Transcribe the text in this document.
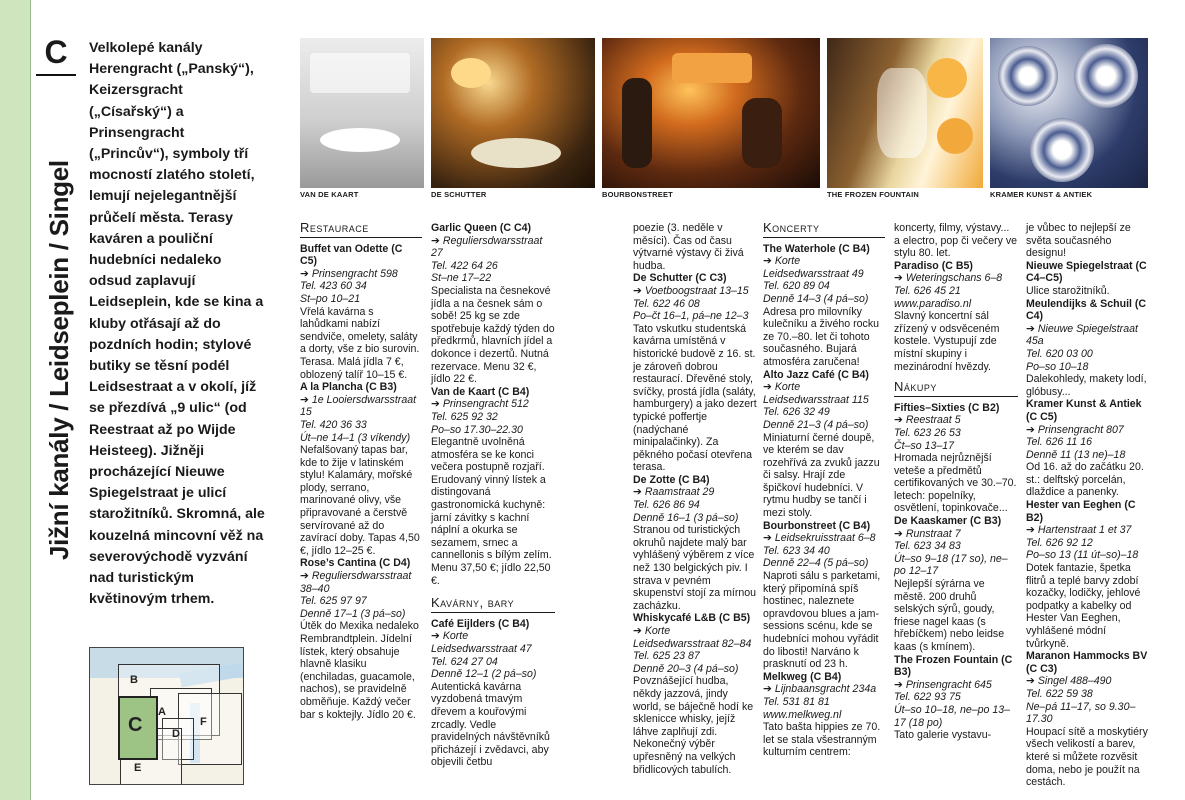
C
Jižní kanály / Leidseplein / Singel

Velkolepé kanály Herengracht („Panský“), Keizersgracht („Císařský“) a Prinsengracht („Princův“), symboly tří mocností zlatého století, lemují nejelegantnější průčelí města. Terasy kaváren a pouliční hudebníci nedaleko odsud zaplavují Leidseplein, kde se kina a kluby otřásají až do pozdních hodin; stylové butiky se těsní podél Leidsestraat a v okolí, jíž se přezdívá „9 ulic“ (od Reestraat až po Wijde Heisteeg). Jižněji procházející Nieuwe Spiegelstraat je ulicí starožitníků. Skromná, ale kouzelná mincovní věž na severovýchodě vyzvání nad turistickým květinovým trhem.

B
A
C	D
E
F
VAN DE KAART	DE SCHUTTER	BOURBONSTREET	THE FROZEN FOUNTAIN	KRAMER KUNST & ANTIEK
Restaurace
Buffet van Odette (C C5)
➔ Prinsengracht 598
Tel. 423 60 34
St–po 10–21

Vřelá kavárna s lahůdkami nabízí sendviče, omelety, saláty a dorty, vše z bio surovin. Terasa. Malá jídla 7 €, oblozený talíř 10–15 €.

A la Plancha (C B3)
➔ 1e Looiersdwarsstraat 15
Tel. 420 36 33
Út–ne 14–1 (3 víkendy)

Nefalšovaný tapas bar, kde to žije v latinském stylu! Kalamáry, mořské plody, serrano, marinované olivy, vše připravované a čerstvě servírované až do zavírací doby. Tapas 4,50 €, jídlo 12–25 €.

Rose’s Cantina (C D4)
➔ Reguliersdwarsstraat 38–40
Tel. 625 97 97
Denně 17–1 (3 pá–so)

Útěk do Mexika nedaleko Rembrandtplein. Jídelní lístek, který obsahuje hlavně klasiku (enchiladas, guacamole, nachos), se pravidelně obměňuje. Každý večer bar s koktejly. Jídlo 20 €.

Garlic Queen (C C4)
➔ Reguliersdwarsstraat 27
Tel. 422 64 26
St–ne 17–22

Specialista na česnekové jídla a na česnek sám o sobě! 25 kg se zde spotřebuje každý týden do předkrmů, hlavních jídel a dokonce i dezertů. Nutná rezervace. Menu 32 €, jídlo 22 €.

Van de Kaart (C B4)
➔ Prinsengracht 512
Tel. 625 92 32
Po–so 17.30–22.30

Elegantně uvolněná atmosféra se ke konci večera postupně rozjaří. Erudovaný vinný lístek a distingovaná gastronomická kuchyně: jarní závitky s kachní náplní a okurka se sezamem, srnec a cannellonis s bílým zelím. Menu 37,50 €; jídlo 22,50 €.

Kavárny, bary
Café Eijlders (C B4)
➔ Korte Leidsedwarsstraat 47
Tel. 624 27 04
Denně 12–1 (2 pá–so)

Autentická kavárna vyzdobená tmavým dřevem a kouřovými zrcadly. Vedle pravidelných návštěvníků přicházejí i zvědavci, aby objevili četbu

poezie (3. neděle v měsíci). Čas od času výtvarné výstavy či živá hudba.

De Schutter (C C3)
➔ Voetboogstraat 13–15
Tel. 622 46 08
Po–čt 16–1, pá–ne 12–3

Tato vskutku studentská kavárna umístěná v historické budově z 16. st. je zároveň dobrou restaurací. Dřevěné stoly, svíčky, prostá jídla (saláty, hamburgery) a jako dezert typické poffertje (nadýchané minipalačinky). Za pěkného počasí otevřena terasa.

De Zotte (C B4)
➔ Raamstraat 29
Tel. 626 86 94
Denně 16–1 (3 pá–so)

Stranou od turistických okruhů najdete malý bar vyhlášený výběrem z více než 130 belgických piv. I strava v pevném skupenství stojí za mírnou zacházku.

Whiskycafé L&B (C B5)
➔ Korte Leidsedwarsstraat 82–84
Tel. 625 23 87
Denně 20–3 (4 pá–so)

Povznášející hudba, někdy jazzová, jindy world, se báječně hodí ke sklenicce whisky, jejíž láhve zaplňují zdi. Nekonečný výběr upřesněný na velkých břidlicových tabulích.

Koncerty
The Waterhole (C B4)
➔ Korte Leidsedwarsstraat 49
Tel. 620 89 04
Denně 14–3 (4 pá–so)

Adresa pro milovníky kulečníku a živého rocku ze 70.–80. let či tohoto současného. Bujará atmosféra zaručena!

Alto Jazz Café (C B4)
➔ Korte Leidsedwarsstraat 115
Tel. 626 32 49
Denně 21–3 (4 pá–so)

Miniaturní černé doupě, ve kterém se dav rozehřívá za zvuků jazzu či salsy. Hrají zde špičkoví hudebníci. V rytmu hudby se tančí i mezi stoly.

Bourbonstreet (C B4)
➔ Leidsekruisstraat 6–8
Tel. 623 34 40
Denně 22–4 (5 pá–so)

Naproti sálu s parketami, který připomíná spíš hostinec, naleznete opravdovou blues a jam-sessions scénu, kde se hudebníci mohou vyřádit do libosti! Narváno k prasknutí od 23 h.

Melkweg (C B4)
➔ Lijnbaansgracht 234a
Tel. 531 81 81
www.melkweg.nl

Tato bašta hippies ze 70. let se stala všestranným kulturním centrem:

koncerty, filmy, výstavy... a electro, pop či večery ve stylu 80. let.

Paradiso (C B5)
➔ Weteringschans 6–8
Tel. 626 45 21
www.paradiso.nl

Slavný koncertní sál zřízený v odsvěceném kostele. Vystupují zde místní skupiny i mezinárodní hvězdy.

Nákupy
Fifties–Sixties (C B2)
➔ Reestraat 5
Tel. 623 26 53
Čt–so 13–17

Hromada nejrůznější veteše a předmětů certifikovaných ve 30.–70. letech: popelníky, osvětlení, topinkovače...

De Kaaskamer (C B3)
➔ Runstraat 7
Tel. 623 34 83
Út–so 9–18 (17 so), ne–po 12–17

Nejlepší sýrárna ve městě. 200 druhů selských sýrů, goudy, friese nagel kaas (s hřebíčkem) nebo leidse kaas (s kmínem).

The Frozen Fountain (C B3)
➔ Prinsengracht 645
Tel. 622 93 75
Út–so 10–18, ne–po 13–17 (18 po)

Tato galerie vystavu-

je vůbec to nejlepší ze světa současného designu!

Nieuwe Spiegelstraat (C C4–C5)

Ulice starožitníků.

Meulendijks & Schuil (C C4)
➔ Nieuwe Spiegelstraat 45a
Tel. 620 03 00
Po–so 10–18

Dalekohledy, makety lodí, glóbusy...

Kramer Kunst & Antiek (C C5)
➔ Prinsengracht 807
Tel. 626 11 16
Denně 11 (13 ne)–18

Od 16. až do začátku 20. st.: delftský porcelán, dlaždice a panenky.

Hester van Eeghen (C B2)
➔ Hartenstraat 1 et 37
Tel. 626 92 12
Po–so 13 (11 út–so)–18

Dotek fantazie, špetka flitrů a teplé barvy zdobí kozačky, lodičky, jehlové podpatky a kabelky od Hester Van Eeghen, vyhlášené módní tvůrkyně.

Maranon Hammocks BV (C C3)
➔ Singel 488–490
Tel. 622 59 38
Ne–pá 11–17, so 9.30–17.30

Houpací sítě a moskytiéry všech velikostí a barev, které si můžete rozvěsit doma, nebo je použít na cestách.
